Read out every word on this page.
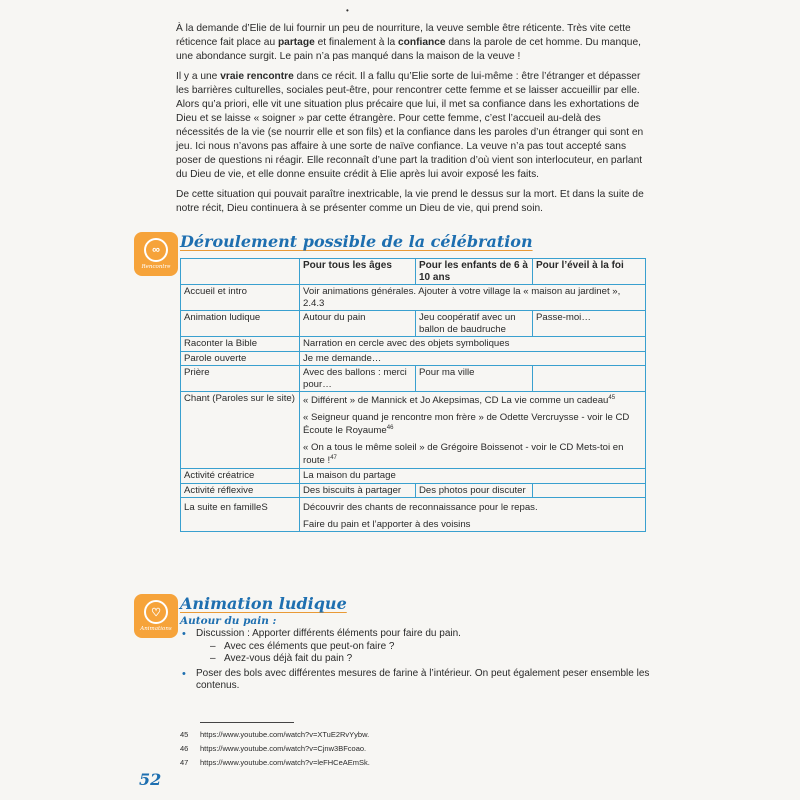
•

À la demande d’Elie de lui fournir un peu de nourriture, la veuve semble être réticente. Très vite cette réticence fait place au partage et finalement à la confiance dans la parole de cet homme. Du manque, une abondance surgit. Le pain n’a pas manqué dans la maison de la veuve !

Il y a une vraie rencontre dans ce récit. Il a fallu qu’Elie sorte de lui-même : être l’étranger et dépasser les barrières culturelles, sociales peut-être, pour rencontrer cette femme et se laisser accueillir par elle. Alors qu’a priori, elle vit une situation plus précaire que lui, il met sa confiance dans les exhortations de Dieu et se laisse « soigner » par cette étrangère. Pour cette femme, c’est l’accueil au-delà des nécessités de la vie (se nourrir elle et son fils) et la confiance dans les paroles d’un étranger qui sont en jeu. Ici nous n’avons pas affaire à une sorte de naïve confiance. La veuve n’a pas tout accepté sans poser de questions ni réagir. Elle reconnaît d’une part la tradition d’où vient son interlocuteur, en parlant du Dieu de vie, et elle donne ensuite crédit à Elie après lui avoir exposé les faits.

De cette situation qui pouvait paraître inextricable, la vie prend le dessus sur la mort. Et dans la suite de notre récit, Dieu continuera à se présenter comme un Dieu de vie, qui prend soin.

∞
Rencontre
Déroulement possible de la célébration
	Pour tous les âges	Pour les enfants de 6 à 10 ans	Pour l’éveil à la foi
Accueil et intro	Voir animations générales. Ajouter à votre village la « maison au jardinet », 2.4.3		
Animation ludique	Autour du pain	Jeu coopératif avec un ballon de baudruche	Passe-moi…
Raconter la Bible	Narration en cercle avec des objets symboliques		
Parole ouverte	Je me demande…		
Prière	Avec des ballons : merci pour…	Pour ma ville	
Chant (Paroles sur le site)	« Différent » de Mannick et Jo Akepsimas, CD La vie comme un cadeau$^{45}$
« Seigneur quand je rencontre mon frère » de Odette Vercruysse - voir le CD Écoute le Royaume$^{46}$
« On a tous le même soleil » de Grégoire Boissenot - voir le CD Mets-toi en route !$^{47}$

Activité créatrice	La maison du partage		
Activité réflexive	Des biscuits à partager	Des photos pour discuter	
La suite en familleS	Découvrir des chants de reconnaissance pour le repas.
Faire du pain et l’apporter à des voisins		
♡
Animations
Animation ludique
Autour du pain :
• Discussion : Apporter différents éléments pour faire du pain.
– Avec ces éléments que peut-on faire ?
– Avez-vous déjà fait du pain ?
• Poser des bols avec différentes mesures de farine à l’intérieur. On peut également peser ensemble les contenus.
45	https://www.youtube.com/watch?v=XTuE2RvYybw.
46	https://www.youtube.com/watch?v=Cjnw3BFcoao.
47	https://www.youtube.com/watch?v=leFHCeAEmSk.
52
